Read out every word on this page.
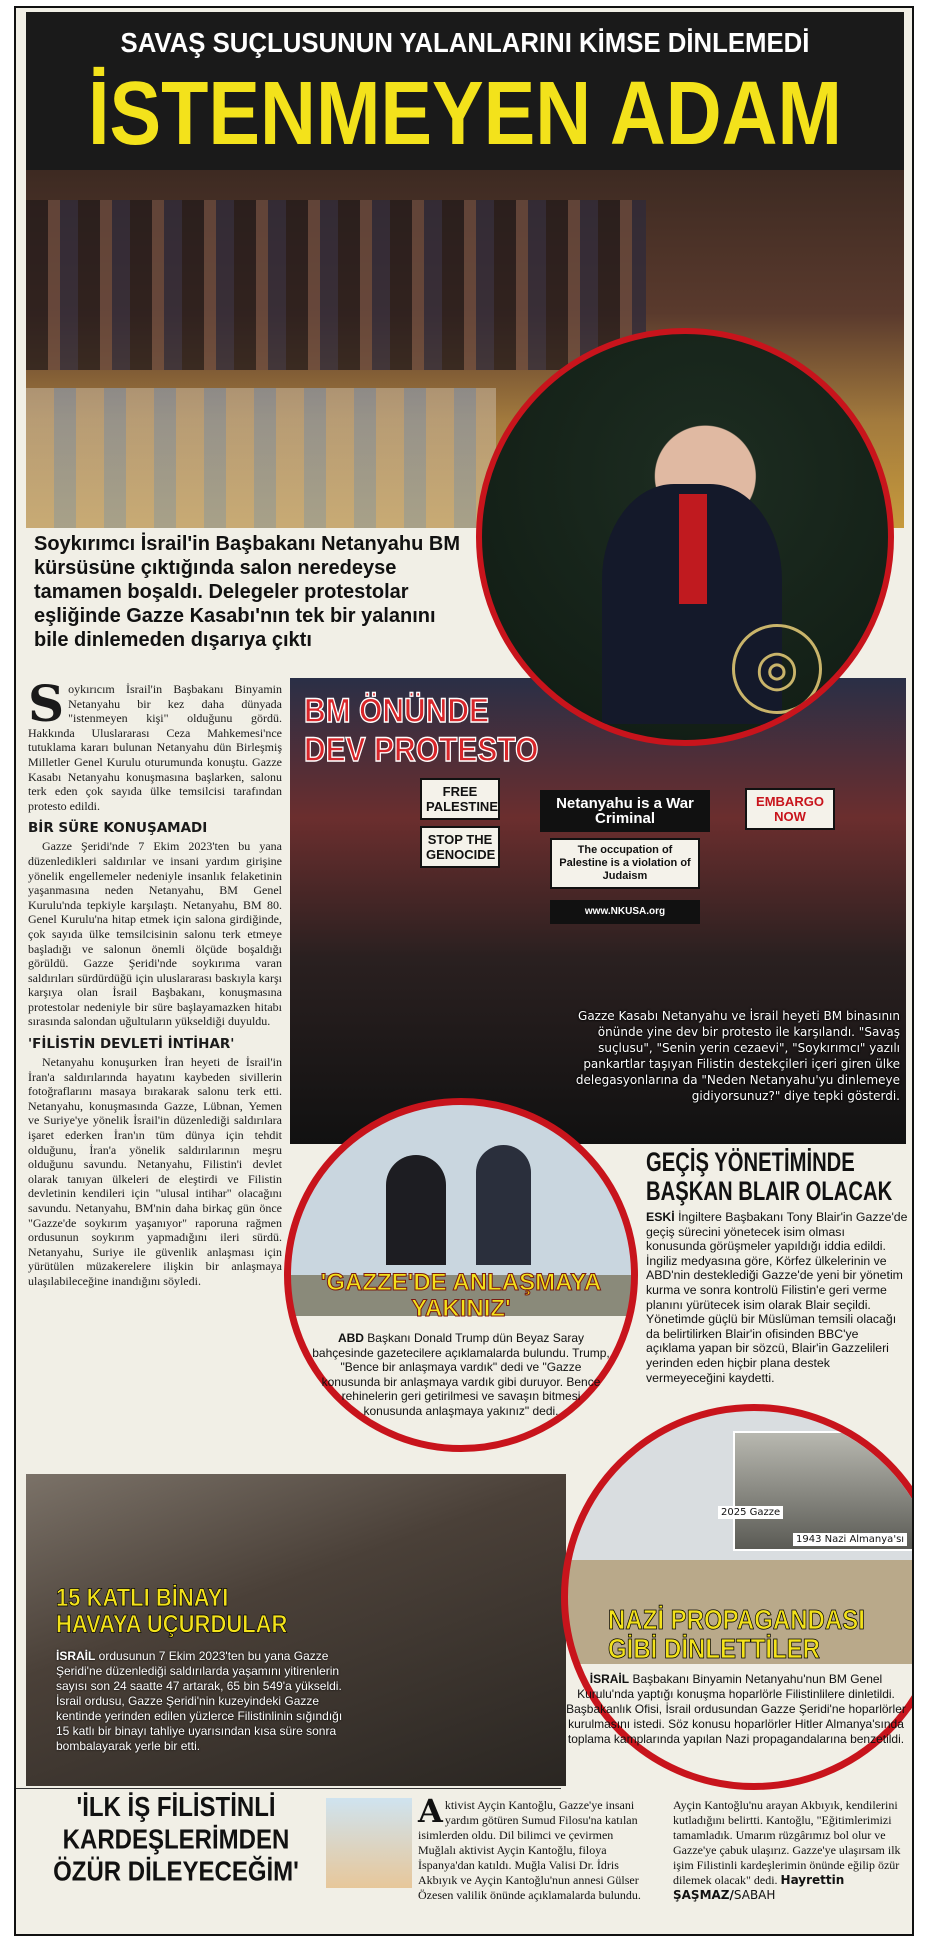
SAVAŞ SUÇLUSUNUN YALANLARINI KİMSE DİNLEMEDİ
İSTENMEYEN ADAM
Soykırımcı İsrail'in Başbakanı Netanyahu BM kürsüsüne çıktığında salon neredeyse tamamen boşaldı. Delegeler protestolar eşliğinde Gazze Kasabı'nın tek bir yalanını bile dinlemeden dışarıya çıktı
S oykırıcım İsrail'in Başbakanı Binyamin Netanyahu bir kez daha dünyada "istenmeyen kişi" olduğunu gördü. Hakkında Uluslararası Ceza Mahkemesi'nce tutuklama kararı bulunan Netanyahu dün Birleşmiş Milletler Genel Kurulu oturumunda konuştu. Gazze Kasabı Netanyahu konuşmasına başlarken, salonu terk eden çok sayıda ülke temsilcisi tarafından protesto edildi.

BİR SÜRE KONUŞAMADI

Gazze Şeridi'nde 7 Ekim 2023'ten bu yana düzenledikleri saldırılar ve insani yardım girişine yönelik engellemeler nedeniyle insanlık felaketinin yaşanmasına neden Netanyahu, BM Genel Kurulu'nda tepkiyle karşılaştı. Netanyahu, BM 80. Genel Kurulu'na hitap etmek için salona girdiğinde, çok sayıda ülke temsilcisinin salonu terk etmeye başladığı ve salonun önemli ölçüde boşaldığı görüldü. Gazze Şeridi'nde soykırıma varan saldırıları sürdürdüğü için uluslararası baskıyla karşı karşıya olan İsrail Başbakanı, konuşmasına protestolar nedeniyle bir süre başlayamazken hitabı sırasında salondan uğultuların yükseldiği duyuldu.

'FİLİSTİN DEVLETİ İNTİHAR'

Netanyahu konuşurken İran heyeti de İsrail'in İran'a saldırılarında hayatını kaybeden sivillerin fotoğraflarını masaya bırakarak salonu terk etti. Netanyahu, konuşmasında Gazze, Lübnan, Yemen ve Suriye'ye yönelik İsrail'in düzenlediği saldırılara işaret ederken İran'ın tüm dünya için tehdit olduğunu, İran'a yönelik saldırılarının meşru olduğunu savundu. Netanyahu, Filistin'i devlet olarak tanıyan ülkeleri de eleştirdi ve Filistin devletinin kendileri için "ulusal intihar" olacağını savundu. Netanyahu, BM'nin daha birkaç gün önce "Gazze'de soykırım yaşanıyor" raporuna rağmen ordusunun soykırım yapmadığını ileri sürdü. Netanyahu, Suriye ile güvenlik anlaşması için yürütülen müzakerelere ilişkin bir anlaşmaya ulaşılabileceğine inandığını söyledi.

BM ÖNÜNDE DEV PROTESTO
FREE PALESTINE
STOP THE GENOCIDE
Netanyahu is a War Criminal
The occupation of Palestine is a violation of Judaism
www.NKUSA.org
EMBARGO NOW
Gazze Kasabı Netanyahu ve İsrail heyeti BM binasının önünde yine dev bir protesto ile karşılandı. "Savaş suçlusu", "Senin yerin cezaevi", "Soykırımcı" yazılı pankartlar taşıyan Filistin destekçileri içeri giren ülke delegasyonlarına da "Neden Netanyahu'yu dinlemeye gidiyorsunuz?" diye tepki gösterdi.
◎
GEÇİŞ YÖNETİMİNDE BAŞKAN BLAIR OLACAK

ESKİ İngiltere Başbakanı Tony Blair'in Gazze'de geçiş sürecini yönetecek isim olması konusunda görüşmeler yapıldığı iddia edildi. İngiliz medyasına göre, Körfez ülkelerinin ve ABD'nin desteklediği Gazze'de yeni bir yönetim kurma ve sonra kontrolü Filistin'e geri verme planını yürütecek isim olarak Blair seçildi. Yönetimde güçlü bir Müslüman temsili olacağı da belirtilirken Blair'in ofisinden BBC'ye açıklama yapan bir sözcü, Blair'in Gazzelileri yerinden eden hiçbir plana destek vermeyeceğini kaydetti.

15 KATLI BİNAYI HAVAYA UÇURDULAR
İSRAİL ordusunun 7 Ekim 2023'ten bu yana Gazze Şeridi'ne düzenlediği saldırılarda yaşamını yitirenlerin sayısı son 24 saatte 47 artarak, 65 bin 549'a yükseldi. İsrail ordusu, Gazze Şeridi'nin kuzeyindeki Gazze kentinde yerinden edilen yüzlerce Filistinlinin sığındığı 15 katlı bir binayı tahliye uyarısından kısa süre sonra bombalayarak yerle bir etti.
'GAZZE'DE ANLAŞMAYA YAKINIZ'
ABD Başkanı Donald Trump dün Beyaz Saray bahçesinde gazetecilere açıklamalarda bulundu. Trump, "Bence bir anlaşmaya vardık" dedi ve "Gazze konusunda bir anlaşmaya vardık gibi duruyor. Bence rehinelerin geri getirilmesi ve savaşın bitmesi konusunda anlaşmaya yakınız" dedi.
2025 Gazze
1943 Nazi Almanya'sı
NAZİ PROPAGANDASI GİBİ DİNLETTİLER
İSRAİL Başbakanı Binyamin Netanyahu'nun BM Genel Kurulu'nda yaptığı konuşma hoparlörle Filistinlilere dinletildi. Başbakanlık Ofisi, İsrail ordusundan Gazze Şeridi'ne hoparlörler kurulmasını istedi. Söz konusu hoparlörler Hitler Almanya'sında toplama kamplarında yapılan Nazi propagandalarına benzetildi.
'İLK İŞ FİLİSTİNLİ KARDEŞLERİMDEN ÖZÜR DİLEYECEĞİM'
Aktivist Ayçin Kantoğlu, Gazze'ye insani yardım götüren Sumud Filosu'na katılan isimlerden oldu. Dil bilimci ve çevirmen Muğlalı aktivist Ayçin Kantoğlu, filoya İspanya'dan katıldı. Muğla Valisi Dr. İdris Akbıyık ve Ayçin Kantoğlu'nun annesi Gülser Özesen valilik önünde açıklamalarda bulundu. Ayçin Kantoğlu'nu arayan Akbıyık, kendilerini kutladığını belirtti. Kantoğlu, "Eğitimlerimizi tamamladık. Umarım rüzgârımız bol olur ve Gazze'ye çabuk ulaşırız. Gazze'ye ulaşırsam ilk işim Filistinli kardeşlerimin önünde eğilip özür dilemek olacak" dedi. Hayrettin ŞAŞMAZ/SABAH
